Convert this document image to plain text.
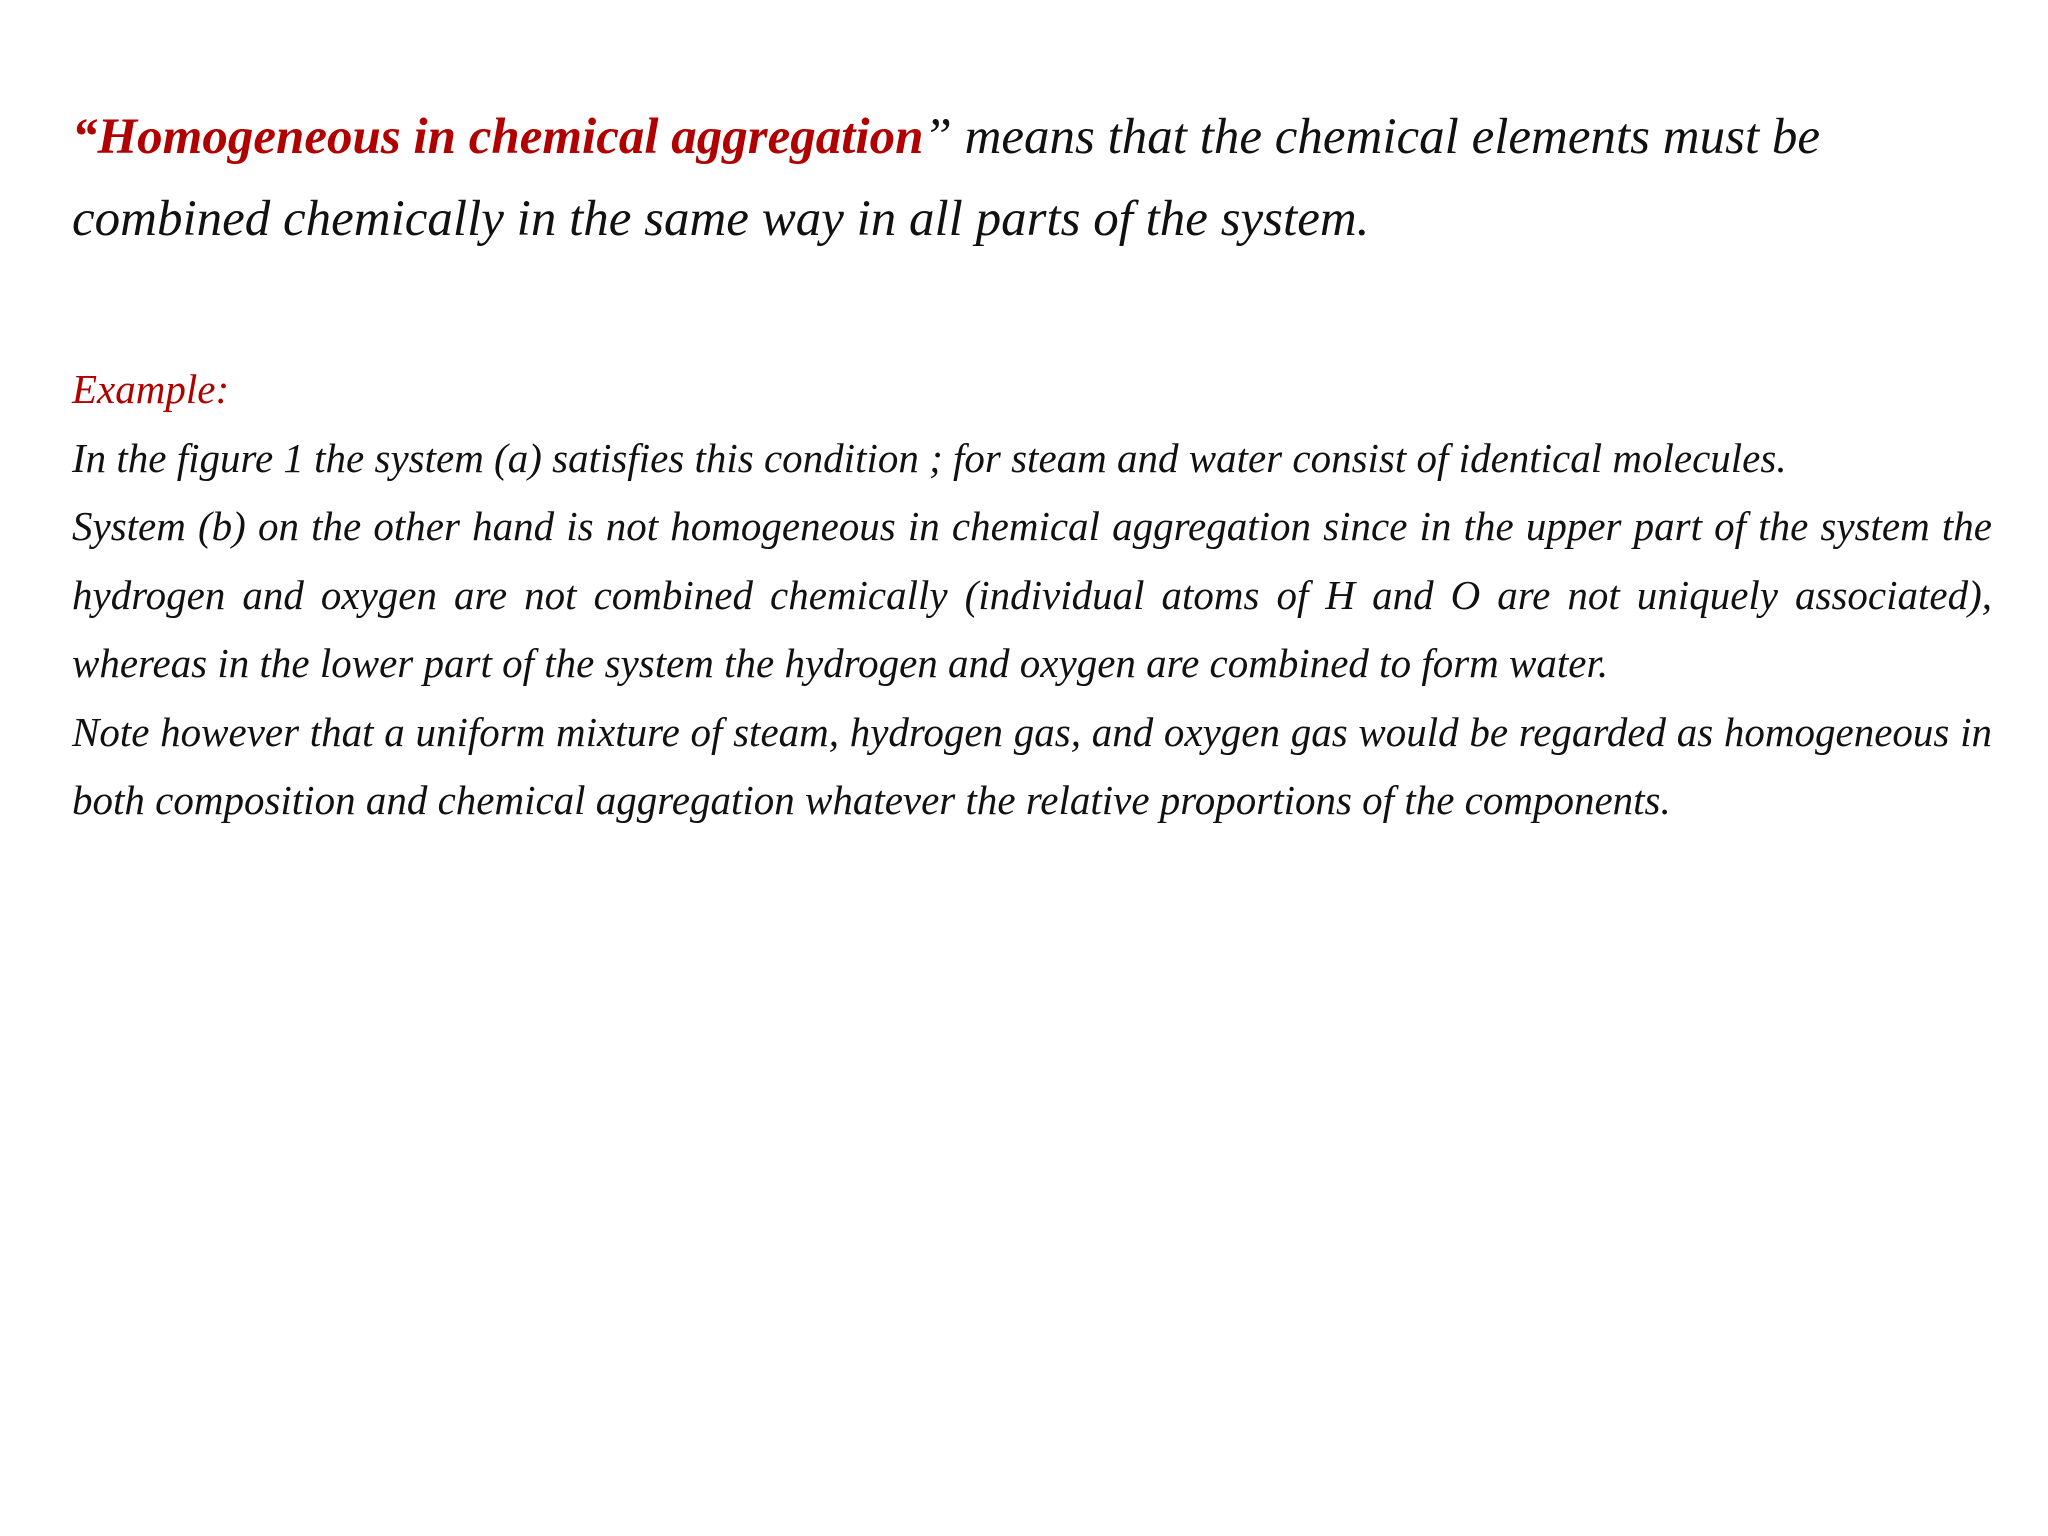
“Homogeneous in chemical aggregation” means that the chemical elements must be combined chemically in the same way in all parts of the system.

Example:

In the figure 1 the system (a) satisfies this condition ; for steam and water consist of identical molecules.

System (b) on the other hand is not homogeneous in chemical aggregation since in the upper part of the system the hydrogen and oxygen are not combined chemically (individual atoms of H and O are not uniquely associated), whereas in the lower part of the system the hydrogen and oxygen are combined to form water.

Note however that a uniform mixture of steam, hydrogen gas, and oxygen gas would be regarded as homogeneous in both composition and chemical aggregation whatever the relative proportions of the components.
